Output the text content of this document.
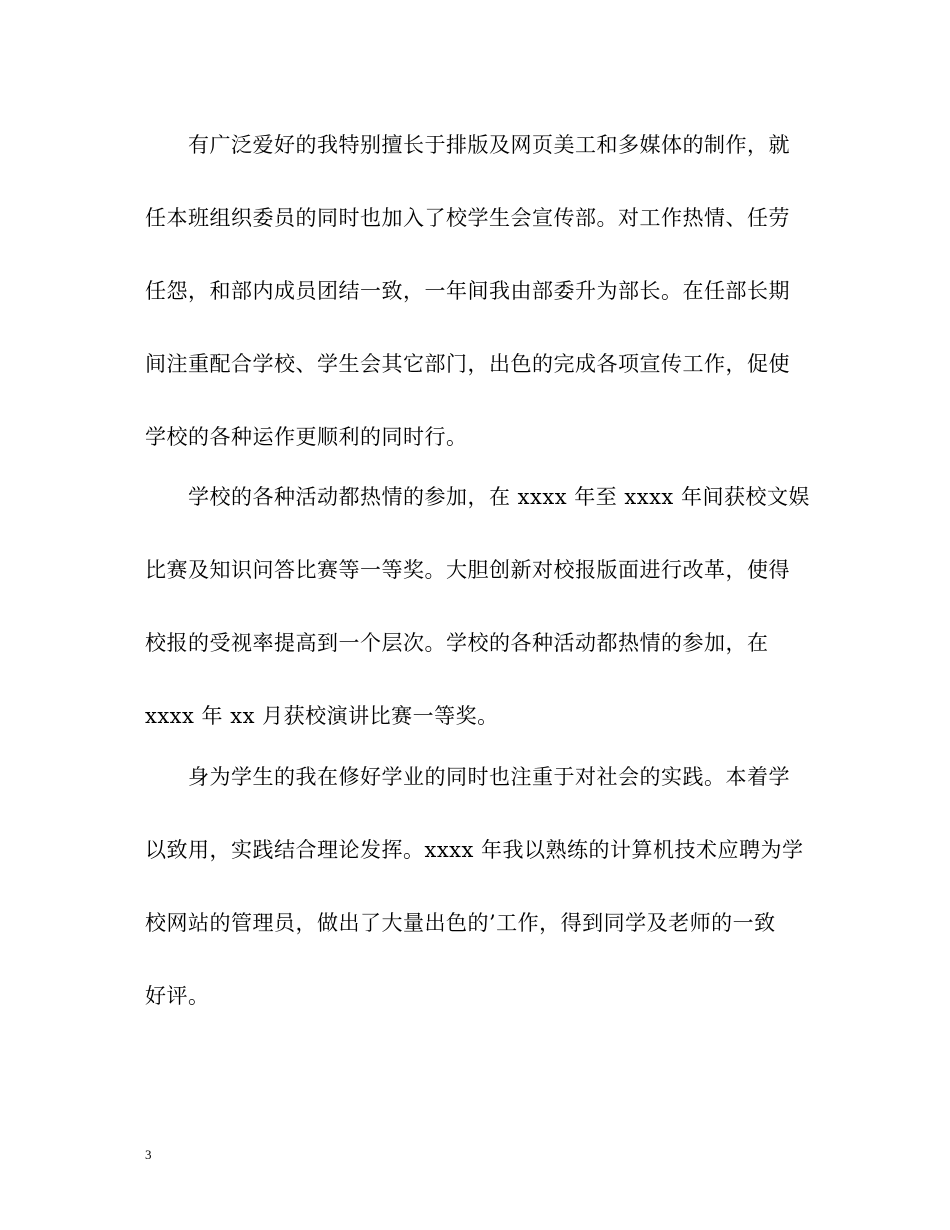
有广泛爱好的我特别擅长于排版及网页美工和多媒体的制作，就
任本班组织委员的同时也加入了校学生会宣传部。对工作热情、任劳
任怨，和部内成员团结一致，一年间我由部委升为部长。在任部长期
间注重配合学校、学生会其它部门，出色的完成各项宣传工作，促使
学校的各种运作更顺利的同时行。
学校的各种活动都热情的参加，在 xxxx 年至 xxxx 年间获校文娱
比赛及知识问答比赛等一等奖。大胆创新对校报版面进行改革，使得
校报的受视率提高到一个层次。学校的各种活动都热情的参加，在
xxxx 年 xx 月获校演讲比赛一等奖。
身为学生的我在修好学业的同时也注重于对社会的实践。本着学
以致用，实践结合理论发挥。xxxx 年我以熟练的计算机技术应聘为学
校网站的管理员，做出了大量出色的’工作，得到同学及老师的一致
好评。
3
